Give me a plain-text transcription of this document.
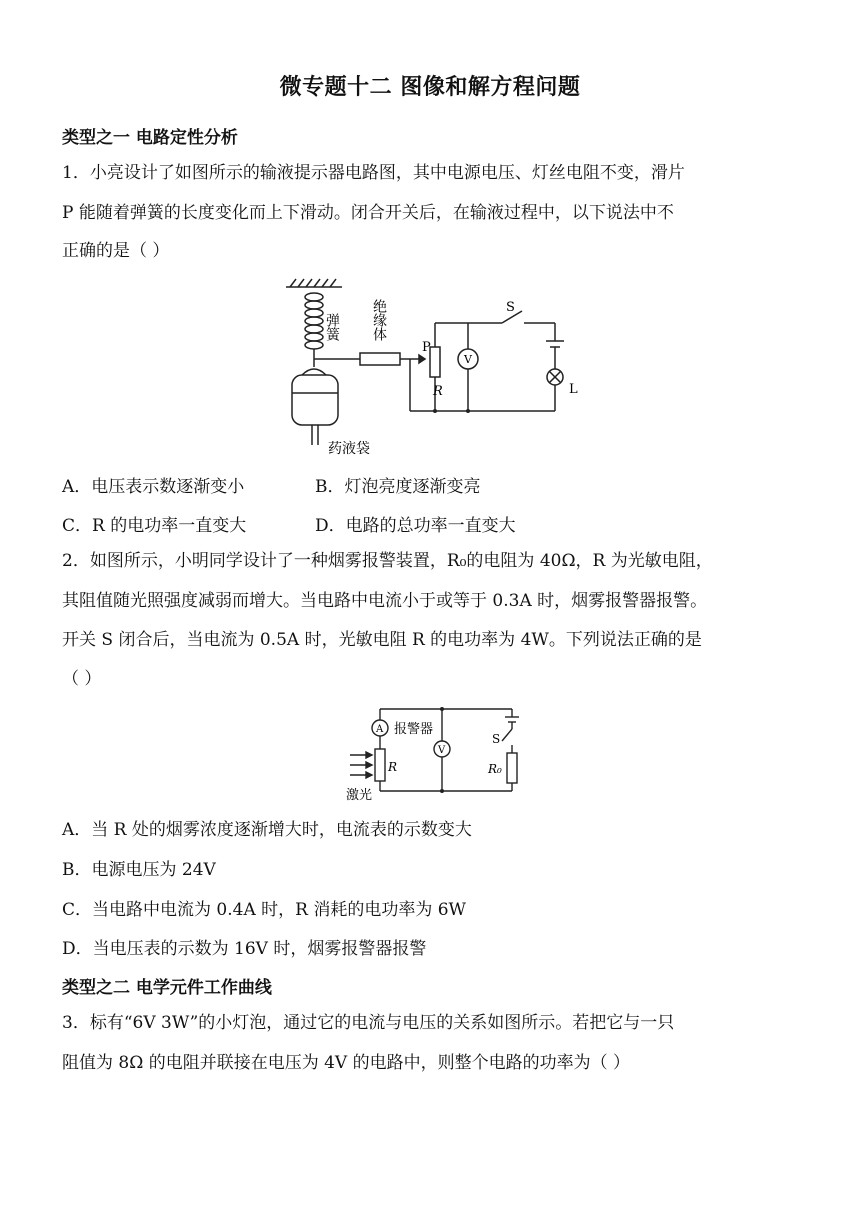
微专题十二 图像和解方程问题
类型之一 电路定性分析
1．小亮设计了如图所示的输液提示器电路图，其中电源电压、灯丝电阻不变，滑片
P 能随着弹簧的长度变化而上下滑动。闭合开关后，在输液过程中，以下说法中不
正确的是（ ）
弹簧 绝缘体
P
R
V
S
L
药液袋
A．电压表示数逐渐变小	B．灯泡亮度逐渐变亮
C．R 的电功率一直变大	D．电路的总功率一直变大
2．如图所示，小明同学设计了一种烟雾报警装置，R₀的电阻为 40Ω，R 为光敏电阻，
其阻值随光照强度减弱而增大。当电路中电流小于或等于 0.3A 时，烟雾报警器报警。
开关 S 闭合后，当电流为 0.5A 时，光敏电阻 R 的电功率为 4W。下列说法正确的是
（ ）
A 报警器
V
S
R	R₀
激光
A．当 R 处的烟雾浓度逐渐增大时，电流表的示数变大
B．电源电压为 24V
C．当电路中电流为 0.4A 时，R 消耗的电功率为 6W
D．当电压表的示数为 16V 时，烟雾报警器报警
类型之二 电学元件工作曲线
3．标有“6V 3W”的小灯泡，通过它的电流与电压的关系如图所示。若把它与一只
阻值为 8Ω 的电阻并联接在电压为 4V 的电路中，则整个电路的功率为（ ）
